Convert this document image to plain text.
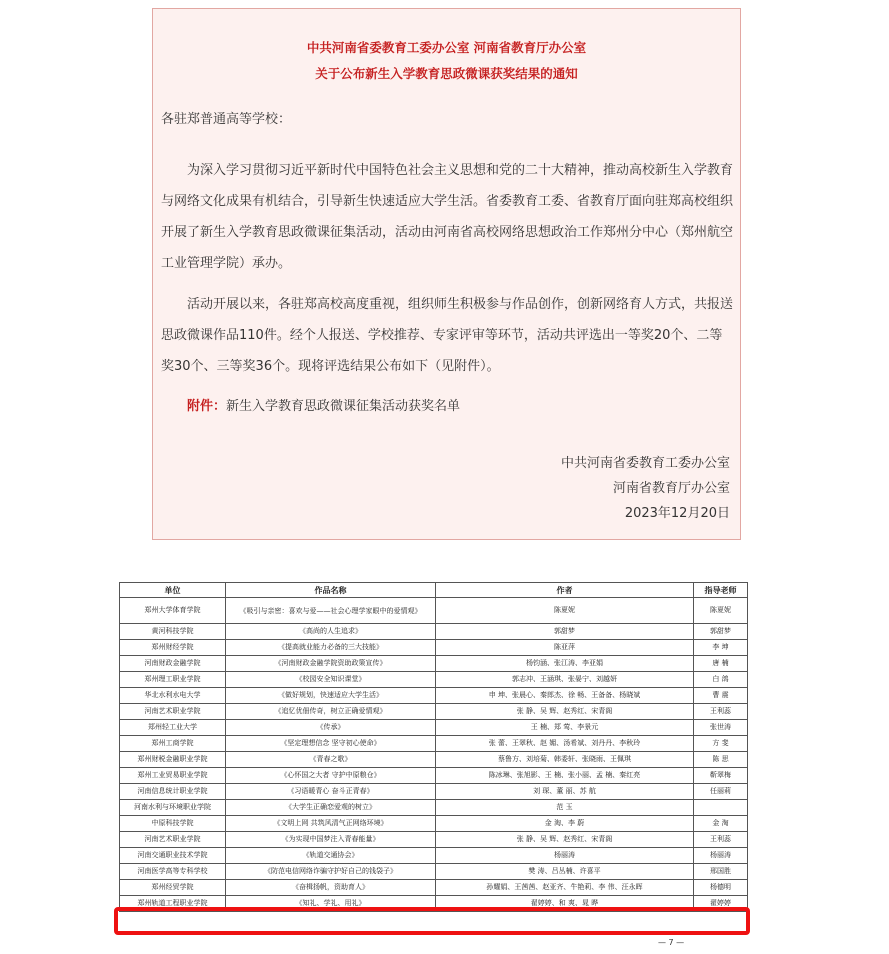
中共河南省委教育工委办公室 河南省教育厅办公室
关于公布新生入学教育思政微课获奖结果的通知
各驻郑普通高等学校：

为深入学习贯彻习近平新时代中国特色社会主义思想和党的二十大精神，推动高校新生入学教育与网络文化成果有机结合，引导新生快速适应大学生活。省委教育工委、省教育厅面向驻郑高校组织开展了新生入学教育思政微课征集活动，活动由河南省高校网络思想政治工作郑州分中心（郑州航空工业管理学院）承办。

活动开展以来，各驻郑高校高度重视，组织师生积极参与作品创作，创新网络育人方式，共报送思政微课作品110件。经个人报送、学校推荐、专家评审等环节，活动共评选出一等奖20个、二等奖30个、三等奖36个。现将评选结果公布如下（见附件）。

附件：新生入学教育思政微课征集活动获奖名单
中共河南省委教育工委办公室
河南省教育厅办公室
2023年12月20日
单位	作品名称	作者	指导老师
郑州大学体育学院	《吸引与亲密：喜欢与爱——社会心理学家眼中的爱情观》	陈夏妮	陈夏妮
黄河科技学院	《高尚的人生追求》	郭甜梦	郭甜梦
郑州财经学院	《提高就业能力必备的三大技能》	陈亚萍	李 坤
河南财政金融学院	《河南财政金融学院资助政策宣传》	杨钧涵、张江涛、李亚娟	唐 楠
郑州理工职业学院	《校园安全知识课堂》	郭志冲、王涵琪、张晏宁、刘越妍	白 鸽
华北水利水电大学	《做好规划，快速适应大学生活》	申 坤、张晨心、秦郎杰、徐 畅、王备备、杨晓斌	曹 震
河南艺术职业学院	《追忆优佃传奇，树立正确爱情观》	张 静、吴 辉、赵秀红、宋青阁	王利蕊
郑州轻工业大学	《传承》	王 楠、郑 莺、李景元	张世涛
郑州工商学院	《坚定理想信念 坚守初心使命》	张 蕾、王翠秋、赵 媚、汤希斌、刘丹丹、李秋玲	方 斐
郑州财税金融职业学院	《青春之歌》	蔡鲁方、刘培菊、韩委轩、张晓雨、王佩琪	陈 思
郑州工业贸易职业学院	《心怀国之大者 守护中原粮仓》	陈冰琳、张旭影、王 楠、张小丽、孟 楠、秦红亮	靳翠梅
河南信息统计职业学院	《习语暖青心 奋斗正青春》	刘 琛、董 丽、苏 航	任丽莉
河南水利与环境职业学院	《大学生正确恋爱观的树立》	范 玉	
中原科技学院	《文明上网 共筑风清气正网络环境》	金 淘、李 蔚	金 淘
河南艺术职业学院	《为实现中国梦注入青春能量》	张 静、吴 辉、赵秀红、宋青阁	王利蕊
河南交通职业技术学院	《轨道交通协会》	杨丽涛	杨丽涛
河南医学高等专科学校	《防范电信网络诈骗守护好自己的钱袋子》	樊 涛、吕丛楠、许喜平	邢国胜
郑州经贸学院	《奋楫扬帆，资助育人》	孙耀娟、王茜茜、赵亚齐、牛艳莉、李 伟、汪永晖	杨德明
郑州轨道工程职业学院	《知礼、学礼、用礼》	翟婷婷、和 爽、晁 晔	翟婷婷
— 7 —
